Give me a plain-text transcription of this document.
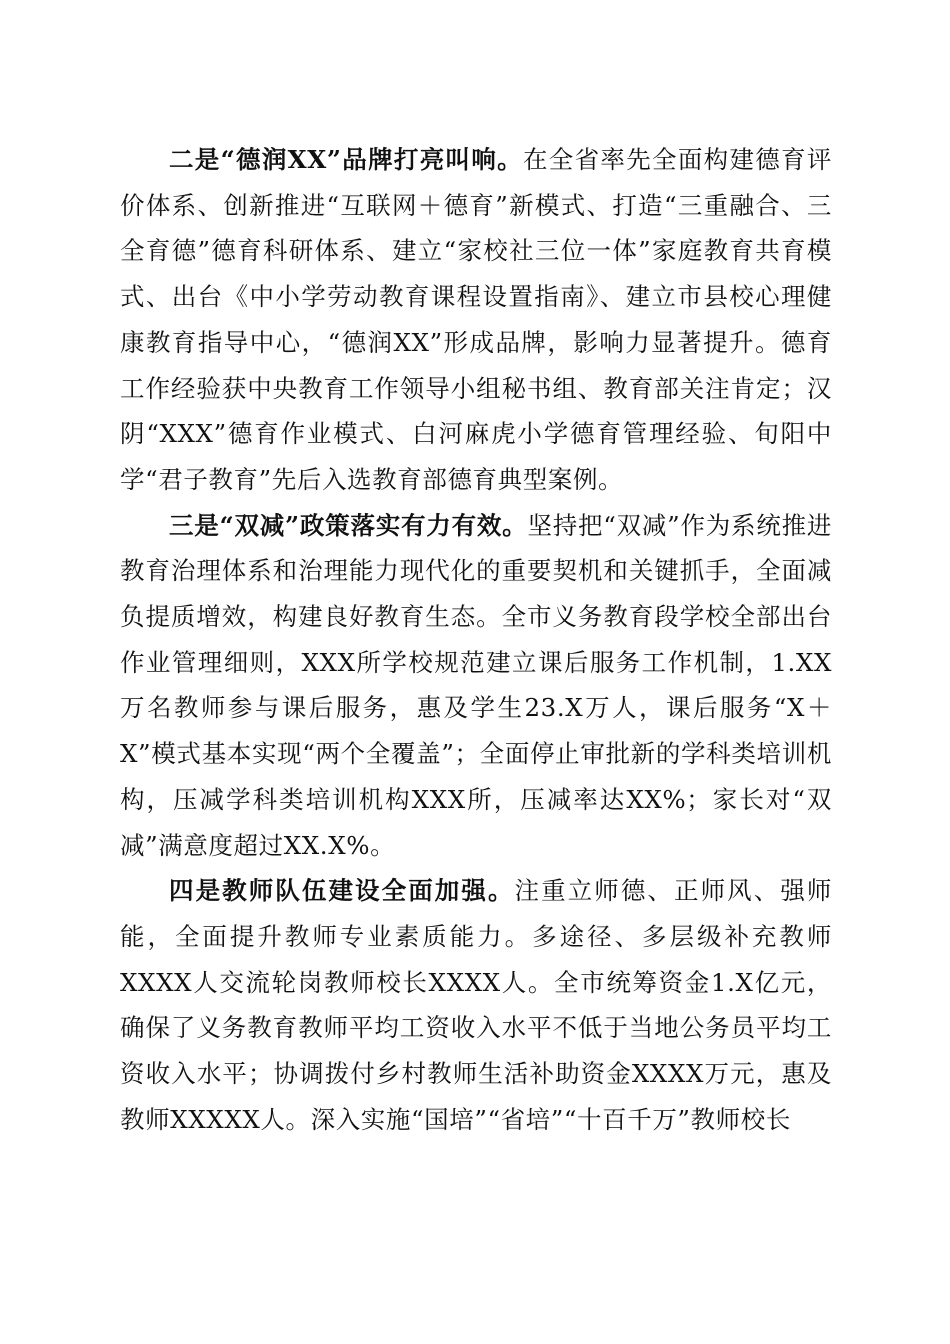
二是“德润XX”品牌打亮叫响。在全省率先全面构建德育评价体系、创新推进“互联网＋德育”新模式、打造“三重融合、三全育德”德育科研体系、建立“家校社三位一体”家庭教育共育模式、出台《中小学劳动教育课程设置指南》、建立市县校心理健康教育指导中心，“德润XX”形成品牌，影响力显著提升。德育工作经验获中央教育工作领导小组秘书组、教育部关注肯定；汉阴“XXX”德育作业模式、白河麻虎小学德育管理经验、旬阳中学“君子教育”先后入选教育部德育典型案例。

三是“双减”政策落实有力有效。坚持把“双减”作为系统推进教育治理体系和治理能力现代化的重要契机和关键抓手，全面减负提质增效，构建良好教育生态。全市义务教育段学校全部出台作业管理细则，XXX所学校规范建立课后服务工作机制，1.XX万名教师参与课后服务，惠及学生23.X万人，课后服务“X＋X”模式基本实现“两个全覆盖”；全面停止审批新的学科类培训机构，压减学科类培训机构XXX所，压减率达XX%；家长对“双减”满意度超过XX.X%。

四是教师队伍建设全面加强。注重立师德、正师风、强师能，全面提升教师专业素质能力。多途径、多层级补充教师XXXX人交流轮岗教师校长XXXX人。全市统筹资金1.X亿元，确保了义务教育教师平均工资收入水平不低于当地公务员平均工资收入水平；协调拨付乡村教师生活补助资金XXXX万元，惠及教师XXXXX人。深入实施“国培”“省培”“十百千万”教师校长
